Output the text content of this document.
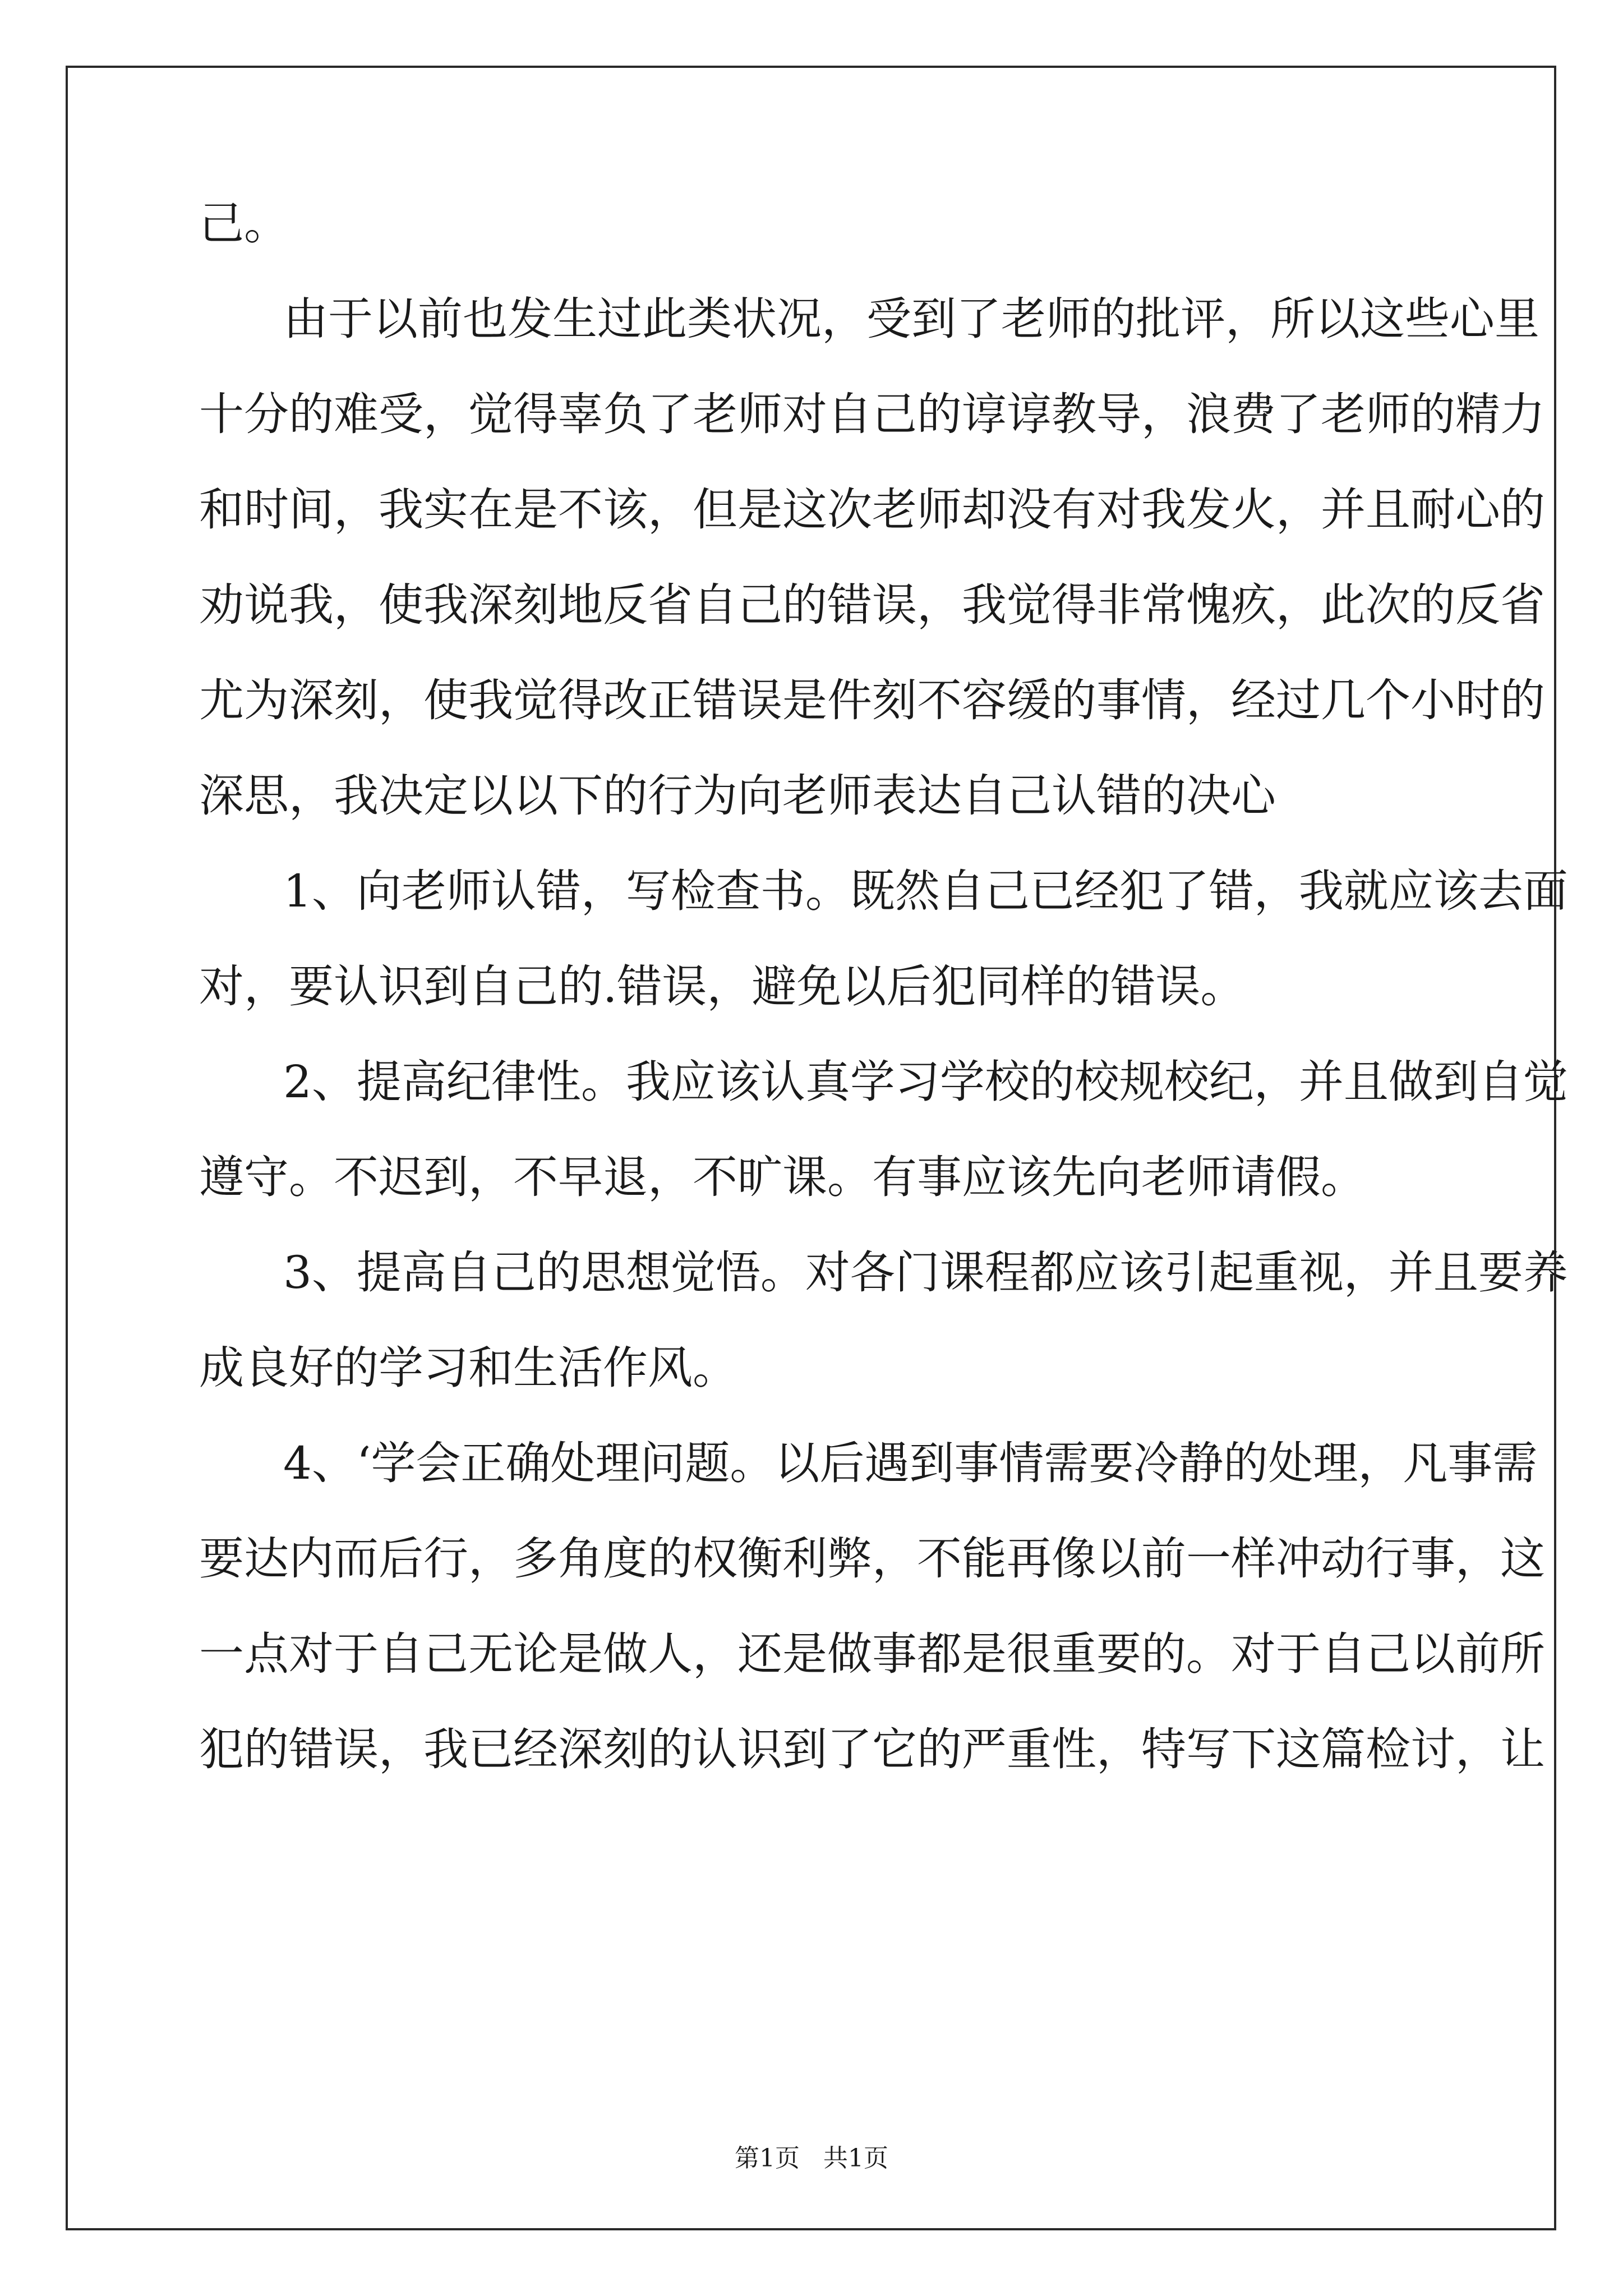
己。
由于以前也发生过此类状况，受到了老师的批评，所以这些心里
十分的难受，觉得辜负了老师对自己的谆谆教导，浪费了老师的精力
和时间，我实在是不该，但是这次老师却没有对我发火，并且耐心的
劝说我，使我深刻地反省自己的错误，我觉得非常愧疚，此次的反省
尤为深刻，使我觉得改正错误是件刻不容缓的事情，经过几个小时的
深思，我决定以以下的行为向老师表达自己认错的决心
1、向老师认错，写检查书。既然自己已经犯了错，我就应该去面
对，要认识到自己的.错误，避免以后犯同样的错误。
2、提高纪律性。我应该认真学习学校的校规校纪，并且做到自觉
遵守。不迟到，不早退，不旷课。有事应该先向老师请假。
3、提高自己的思想觉悟。对各门课程都应该引起重视，并且要养
成良好的学习和生活作风。
4、‘学会正确处理问题。以后遇到事情需要冷静的处理，凡事需
要达内而后行，多角度的权衡利弊，不能再像以前一样冲动行事，这
一点对于自己无论是做人，还是做事都是很重要的。对于自己以前所
犯的错误，我已经深刻的认识到了它的严重性，特写下这篇检讨，让
第1页 共1页
